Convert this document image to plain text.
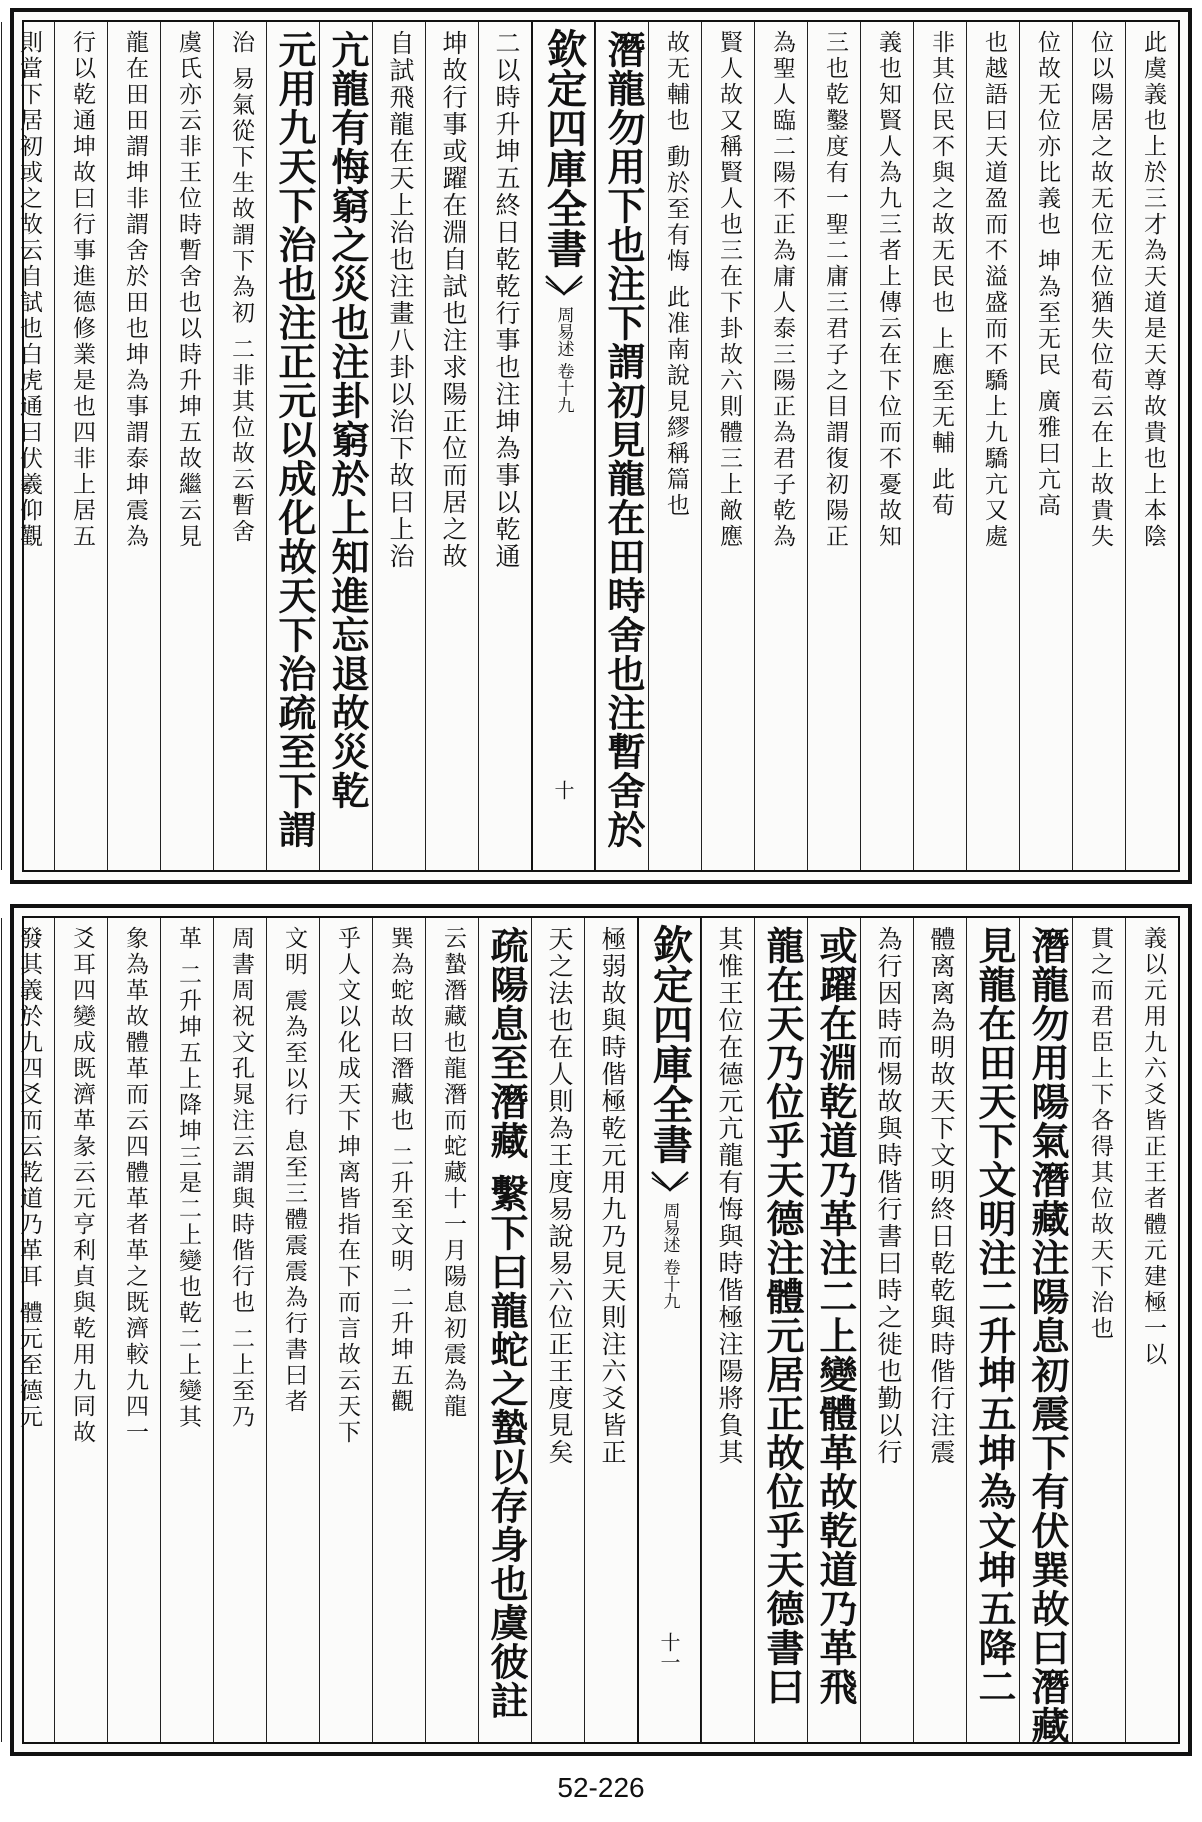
此虞義也上於三才為天道是天尊故貴也上本陰
位以陽居之故无位无位猶失位荀云在上故貴失
位故无位亦比義也 坤為至无民 廣雅曰亢高
也越語曰天道盈而不溢盛而不驕上九驕亢又處
非其位民不與之故无民也 上應至无輔 此荀
義也知賢人為九三者上傳云在下位而不憂故知
三也乾鑿度有一聖二庸三君子之目謂復初陽正
為聖人臨二陽不正為庸人泰三陽正為君子乾為
賢人故又稱賢人也三在下卦故六則體三上敵應
故无輔也 動於至有悔 此准南說見繆稱篇也
潛龍勿用下也注下謂初見龍在田時舍也注暫舍於
欽定四庫全書
周易述 卷十九
十
二以時升坤五終日乾乾行事也注坤為事以乾通
坤故行事或躍在淵自試也注求陽正位而居之故
自試飛龍在天上治也注畫八卦以治下故曰上治
亢龍有悔窮之災也注卦窮於上知進忘退故災乾
元用九天下治也注正元以成化故天下治疏至下謂
治 易氣從下生故謂下為初 二非其位故云暫舍
虞氏亦云非王位時暫舍也以時升坤五故繼云見
龍在田田謂坤非謂舍於田也坤為事謂泰坤震為
行以乾通坤故曰行事進德修業是也四非上居五
則當下居初或之故云自試也白虎通曰伏羲仰觀
義以元用九六爻皆正王者體元建極一以
貫之而君臣上下各得其位故天下治也
潛龍勿用陽氣潛藏注陽息初震下有伏巽故曰潛藏
見龍在田天下文明注二升坤五坤為文坤五降二
體离离為明故天下文明終日乾乾與時偕行注震
為行因時而惕故與時偕行書曰時之徙也勤以行
或躍在淵乾道乃革注二上變體革故乾道乃革飛
龍在天乃位乎天德注體元居正故位乎天德書曰
其惟王位在德元亢龍有悔與時偕極注陽將負其
欽定四庫全書
周易述 卷十九
十一
極弱故與時偕極乾元用九乃見天則注六爻皆正
天之法也在人則為王度易說易六位正王度見矣
疏陽息至潛藏 繫下曰龍蛇之蟄以存身也虞彼註
云蟄潛藏也龍潛而蛇藏十一月陽息初震為龍
巽為蛇故曰潛藏也 二升至文明 二升坤五觀
乎人文以化成天下坤离皆指在下而言故云天下
文明 震為至以行 息至三體震震為行書曰者
周書周祝文孔晁注云謂與時偕行也 二上至乃
革 二升坤五上降坤三是二上變也乾二上變其
象為革故體革而云四體革者革之既濟較九四一
爻耳四變成既濟革彖云元亨利貞與乾用九同故
發其義於九四爻而云乾道乃革耳 體元至德元
52-226
